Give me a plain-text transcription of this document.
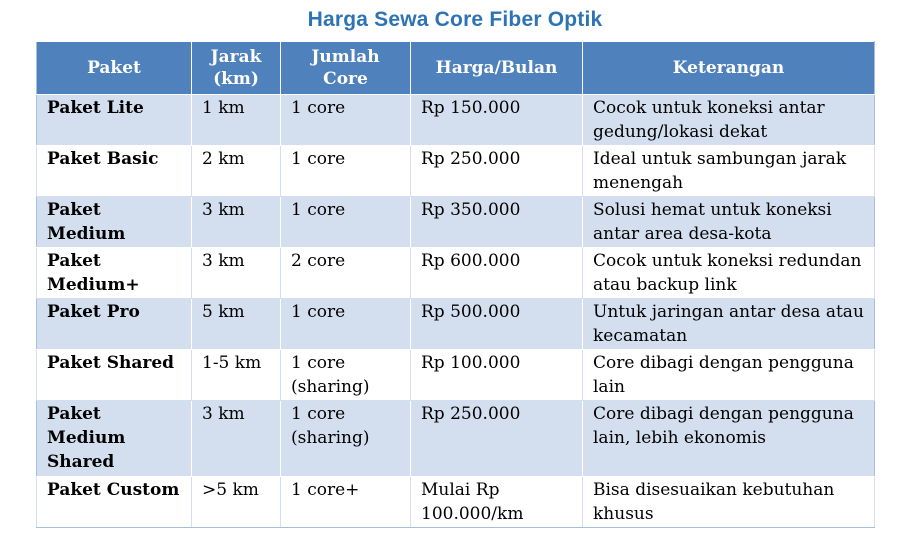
Harga Sewa Core Fiber Optik
Paket	Jarak (km)	Jumlah Core	Harga/Bulan	Keterangan
Paket Lite	1 km	1 core	Rp 150.000	Cocok untuk koneksi antar gedung/lokasi dekat
Paket Basic	2 km	1 core	Rp 250.000	Ideal untuk sambungan jarak menengah
Paket Medium	3 km	1 core	Rp 350.000	Solusi hemat untuk koneksi antar area desa-kota
Paket Medium+	3 km	2 core	Rp 600.000	Cocok untuk koneksi redundan atau backup link
Paket Pro	5 km	1 core	Rp 500.000	Untuk jaringan antar desa atau kecamatan
Paket Shared	1-5 km	1 core (sharing)	Rp 100.000	Core dibagi dengan pengguna lain
Paket Medium Shared	3 km	1 core (sharing)	Rp 250.000	Core dibagi dengan pengguna lain, lebih ekonomis
Paket Custom	>5 km	1 core+	Mulai Rp 100.000/km	Bisa disesuaikan kebutuhan khusus
